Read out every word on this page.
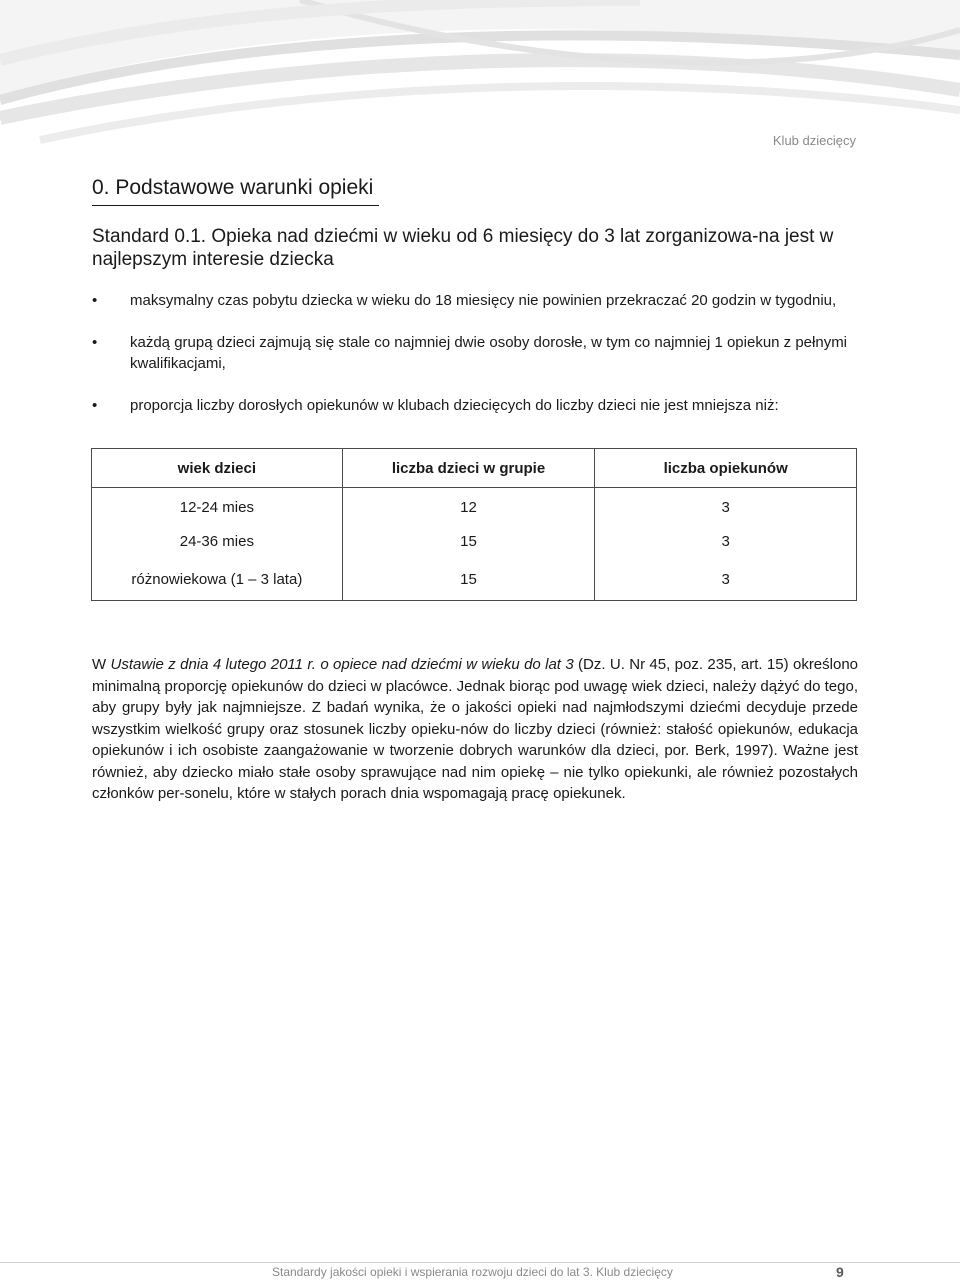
Klub dziecięcy
0. Podstawowe warunki opieki
Standard 0.1. Opieka nad dziećmi w wieku od 6 miesięcy do 3 lat zorganizowa-na jest w najlepszym interesie dziecka
• maksymalny czas pobytu dziecka w wieku do 18 miesięcy nie powinien przekraczać 20 godzin w tygodniu,
• każdą grupą dzieci zajmują się stale co najmniej dwie osoby dorosłe, w tym co najmniej 1 opiekun z pełnymi kwalifikacjami,
• proporcja liczby dorosłych opiekunów w klubach dziecięcych do liczby dzieci nie jest mniejsza niż:
wiek dzieci	liczba dzieci w grupie	liczba opiekunów
12-24 mies	12	3
24-36 mies	15	3
różnowiekowa (1 – 3 lata)	15	3

W Ustawie z dnia 4 lutego 2011 r. o opiece nad dziećmi w wieku do lat 3 (Dz. U. Nr 45, poz. 235, art. 15) określono minimalną proporcję opiekunów do dzieci w placówce. Jednak biorąc pod uwagę wiek dzieci, należy dążyć do tego, aby grupy były jak najmniejsze. Z badań wynika, że o jakości opieki nad najmłodszymi dziećmi decyduje przede wszystkim wielkość grupy oraz stosunek liczby opieku-nów do liczby dzieci (również: stałość opiekunów, edukacja opiekunów i ich osobiste zaangażowanie w tworzenie dobrych warunków dla dzieci, por. Berk, 1997). Ważne jest również, aby dziecko miało stałe osoby sprawujące nad nim opiekę – nie tylko opiekunki, ale również pozostałych członków per-sonelu, które w stałych porach dnia wspomagają pracę opiekunek.

Standardy jakości opieki i wspierania rozwoju dzieci do lat 3. Klub dziecięcy	9
